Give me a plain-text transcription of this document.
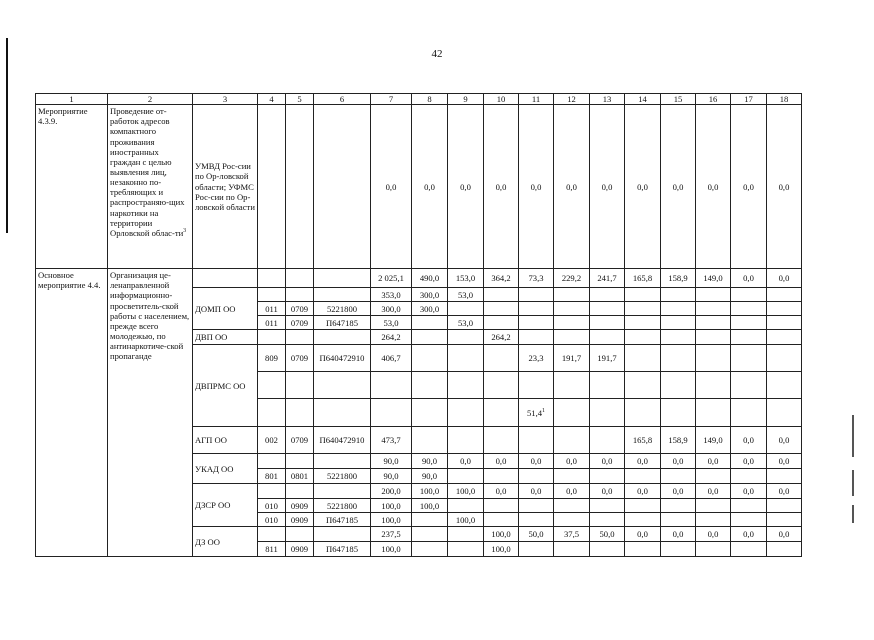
42
1	2	3	4	5	6	7	8	9	10	11	12	13	14	15	16	17	18
Мероприятие 4.3.9.	Проведение от-работок адресов компактного проживания иностранных граждан с целью выявления лиц, незаконно по-требляющих и распространяю-щих наркотики на территории Орловской облас-$ти^3$	УМВД Рос-сии по Ор-ловской области; УФМС Рос-сии по Ор-ловской области				0,0	0,0	0,0	0,0	0,0	0,0	0,0	0,0	0,0	0,0	0,0	0,0
Основное мероприятие 4.4.	Организация це-ленаправленной информационно-просветитель-ской работы с населением, прежде всего молодежью, по антинаркотиче-ской пропаганде					2 025,1	490,0	153,0	364,2	73,3	229,2	241,7	165,8	158,9	149,0	0,0	0,0
		ДОМП ОО				353,0	300,0	53,0									
			011	0709	5221800	300,0	300,0										
			011	0709	П647185	53,0		53,0									
		ДВП ОО				264,2			264,2								
		ДВПРМС ОО	809	0709	П640472910	406,7				23,3	191,7	191,7					

										51,4$^1$							
		АГП ОО	002	0709	П640472910	473,7							165,8	158,9	149,0	0,0	0,0
		УКАД ОО				90,0	90,0	0,0	0,0	0,0	0,0	0,0	0,0	0,0	0,0	0,0	0,0
			801	0801	5221800	90,0	90,0										
		ДЗСР ОО				200,0	100,0	100,0	0,0	0,0	0,0	0,0	0,0	0,0	0,0	0,0	0,0
			010	0909	5221800	100,0	100,0										
			010	0909	П647185	100,0		100,0									
		ДЗ ОО				237,5			100,0	50,0	37,5	50,0	0,0	0,0	0,0	0,0	0,0
			811	0909	П647185	100,0			100,0								
